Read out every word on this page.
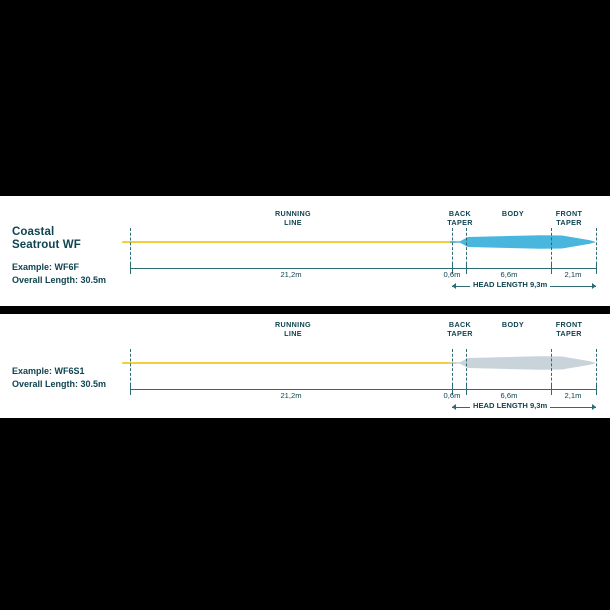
Coastal
Seatrout WF
Example: WF6F
Overall Length: 30.5m
RUNNING
LINE
BACK
TAPER
BODY	FRONT
TAPER
21,2m	0,6m	6,6m	2,1m
HEAD LENGTH 9,3m
Example: WF6S1
Overall Length: 30.5m
RUNNING
LINE
BACK
TAPER
BODY	FRONT
TAPER
21,2m	0,6m	6,6m	2,1m
HEAD LENGTH 9,3m
